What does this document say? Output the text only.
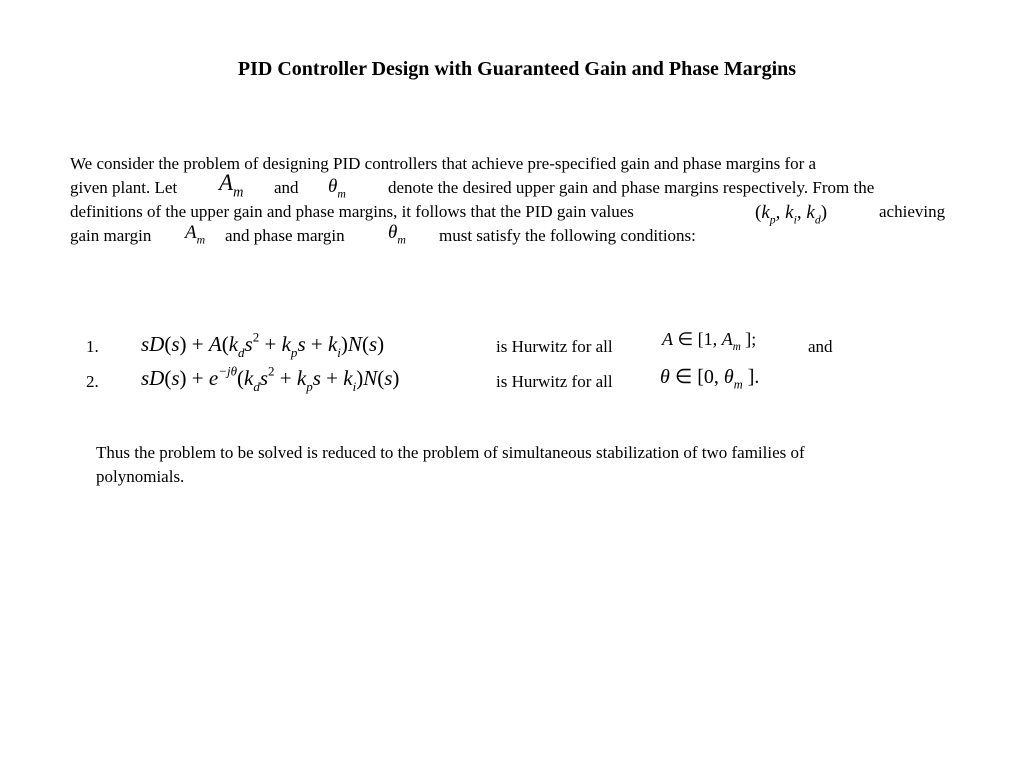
PID Controller Design with Guaranteed Gain and Phase Margins
We consider the problem of designing PID controllers that achieve pre-specified gain and phase margins for a
given plant. Let $A_m$ and $\theta_m$ denote the desired upper gain and phase margins respectively. From the
definitions of the upper gain and phase margins, it follows that the PID gain values	($k_p$, $k_i$, $k_d$)	achieving
gain margin $A_m$ and phase margin $\theta_m$ must satisfy the following conditions:
1. $sD(s) + A(k_ds^2 + k_ps + k_i)N(s)$	is Hurwitz for all	A ∈ [1, $A_m$ ];	and
2. $sD(s) + e^{-j\theta}(k_ds^2 + k_ps + k_i)N(s)$	is Hurwitz for all θ ∈ [0, $\theta_m$ ].
Thus the problem to be solved is reduced to the problem of simultaneous stabilization of two families of polynomials.
